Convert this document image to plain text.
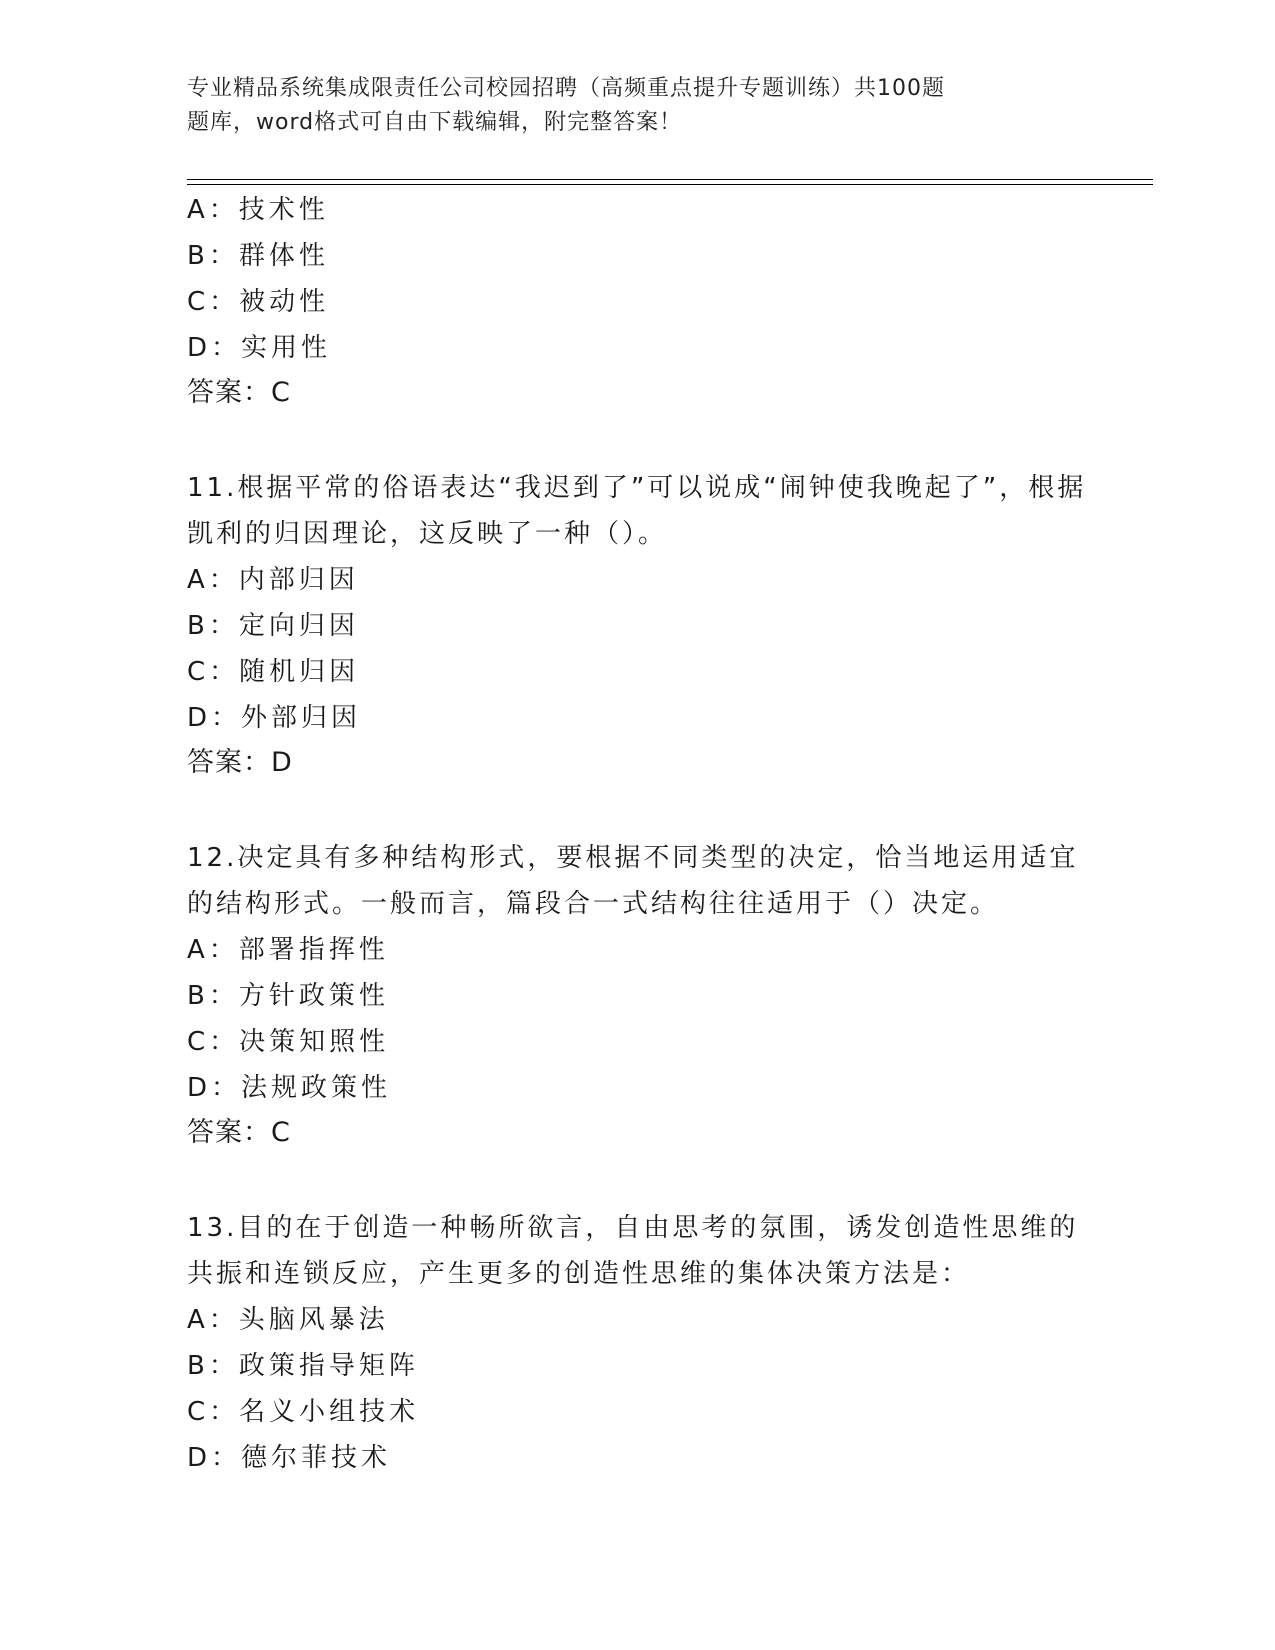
专业精品系统集成限责任公司校园招聘（高频重点提升专题训练）共100题
题库，word格式可自由下载编辑，附完整答案！
A：技术性
B：群体性
C：被动性
D：实用性
答案：C
11.根据平常的俗语表达“我迟到了”可以说成“闹钟使我晚起了”，根据凯利的归因理论，这反映了一种（）。
A：内部归因
B：定向归因
C：随机归因
D：外部归因
答案：D
12.决定具有多种结构形式，要根据不同类型的决定，恰当地运用适宜的结构形式。一般而言，篇段合一式结构往往适用于（）决定。
A：部署指挥性
B：方针政策性
C：决策知照性
D：法规政策性
答案：C
13.目的在于创造一种畅所欲言，自由思考的氛围，诱发创造性思维的共振和连锁反应，产生更多的创造性思维的集体决策方法是：
A：头脑风暴法
B：政策指导矩阵
C：名义小组技术
D：德尔菲技术
